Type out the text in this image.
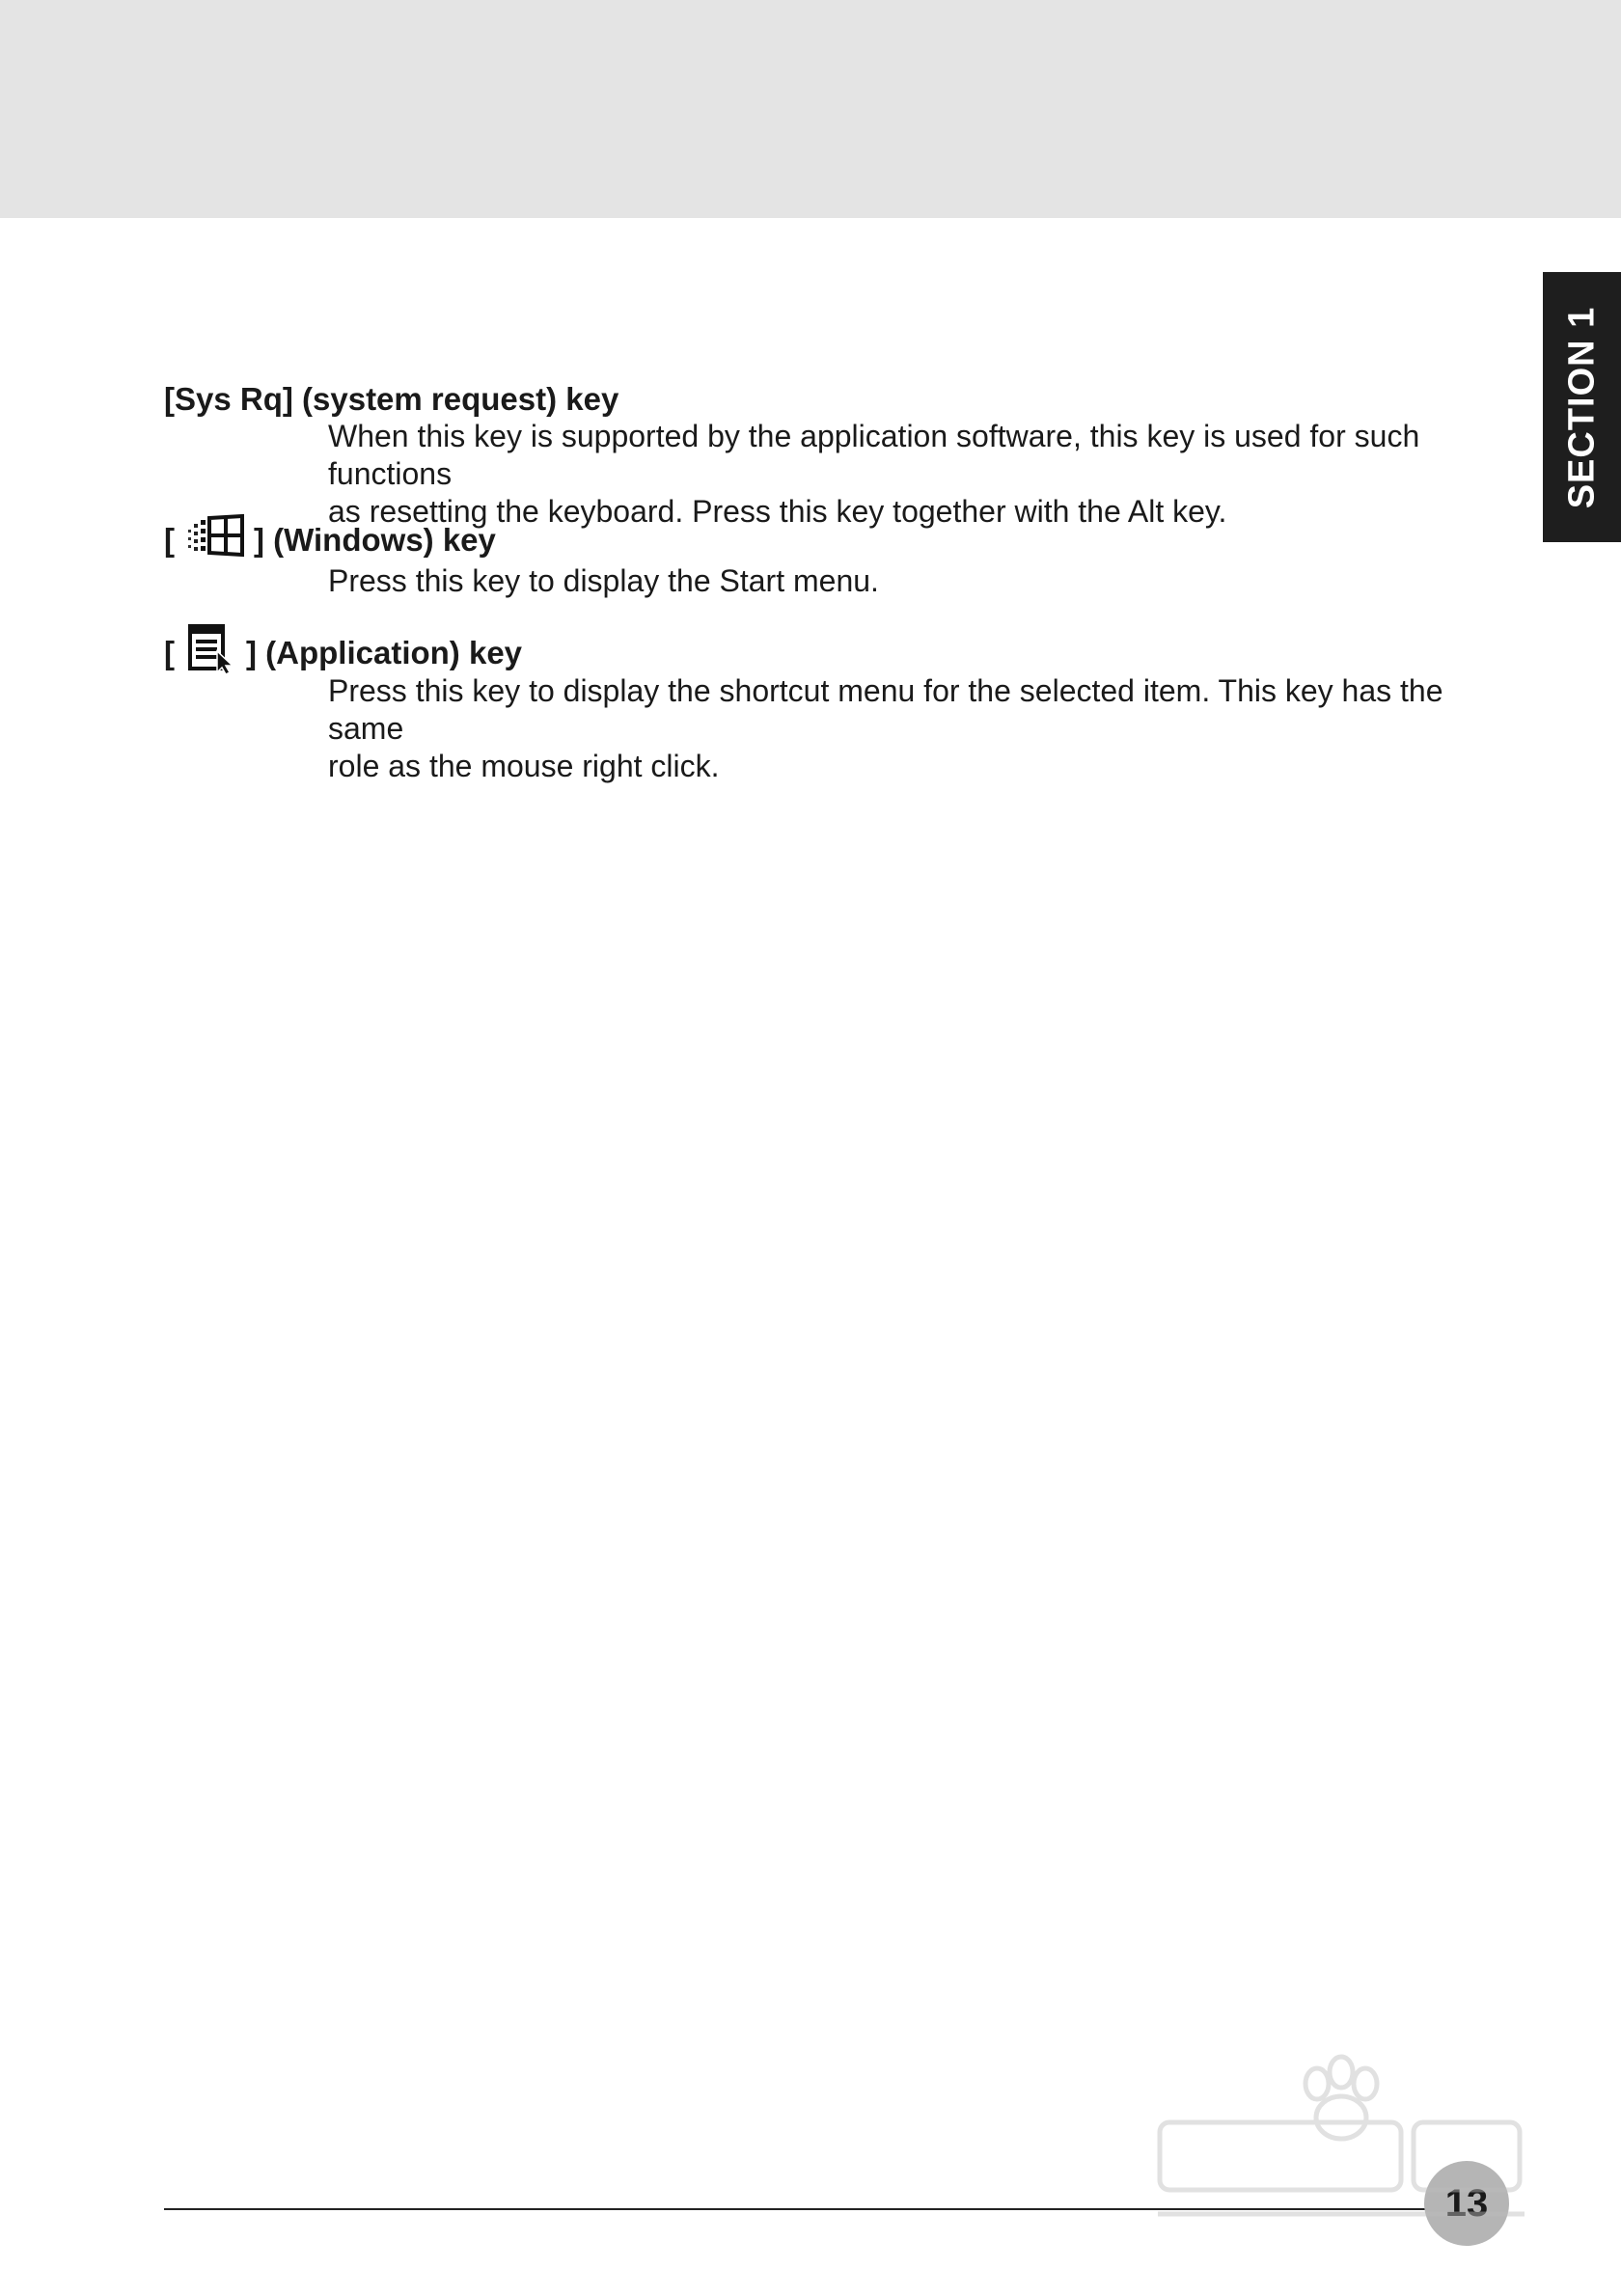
SECTION 1
[Sys Rq] (system request) key
When this key is supported by the application software, this key is used for such functions
as resetting the keyboard. Press this key together with the Alt key.
[ ] (Windows) key
Press this key to display the Start menu.
[ ] (Application) key
Press this key to display the shortcut menu for the selected item. This key has the same
role as the mouse right click.
13
